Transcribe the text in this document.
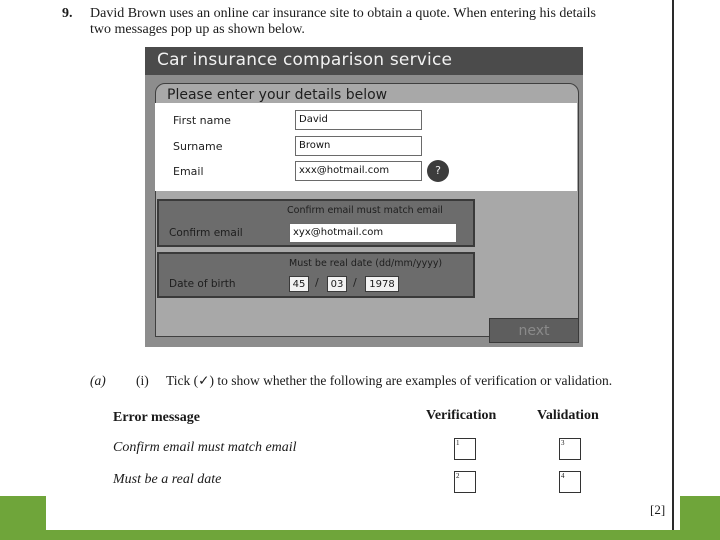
9. David Brown uses an online car insurance site to obtain a quote. When entering his details
two messages pop up as shown below.
Car insurance comparison service
Please enter your details below
First name	David
Surname	Brown
Email	xxx@hotmail.com	?
Confirm email must match email
Confirm email	xyx@hotmail.com
Must be real date (dd/mm/yyyy)
Date of birth	45 /	03 /	1978
next
(a) (i) Tick (✓) to show whether the following are examples of verification or validation.
Error message	Verification	Validation
Confirm email must match email	1	3
Must be a real date	2	4
[2]
